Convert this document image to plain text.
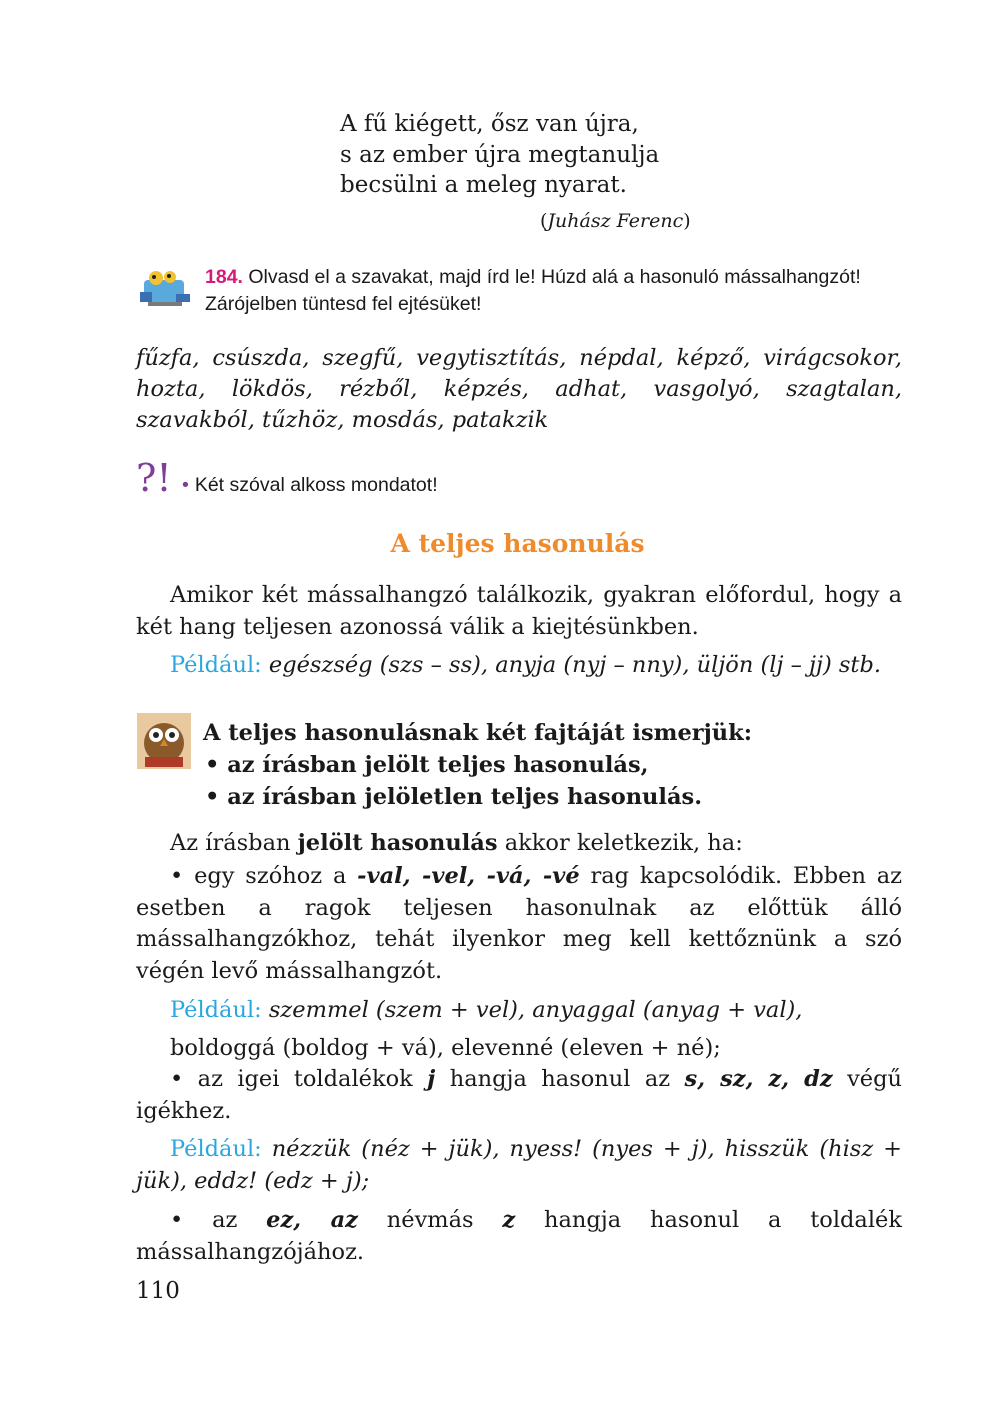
A fű kiégett, ősz van újra,
s az ember újra megtanulja
becsülni a meleg nyarat.
(Juhász Ferenc)
184. Olvasd el a szavakat, majd írd le! Húzd alá a hasonuló mássalhangzót! Zárójelben tüntesd fel ejtésüket!
fűzfa, csúszda, szegfű, vegytisztítás, népdal, képző, virágcsokor, hozta, lökdös, rézből, képzés, adhat, vasgolyó, szagtalan, szavakból, tűzhöz, mosdás, patakzik
?! • Két szóval alkoss mondatot!
A teljes hasonulás
Amikor két mássalhangzó találkozik, gyakran előfordul, hogy a két hang teljesen azonossá válik a kiejtésünkben.
Például: egészség (szs – ss), anyja (nyj – nny), üljön (lj – jj) stb.
A teljes hasonulásnak két fajtáját ismerjük:
• az írásban jelölt teljes hasonulás,
• az írásban jelöletlen teljes hasonulás.
Az írásban jelölt hasonulás akkor keletkezik, ha:
• egy szóhoz a -val, -vel, -vá, -vé rag kapcsolódik. Ebben az esetben a ragok teljesen hasonulnak az előttük álló mássalhangzókhoz, tehát ilyenkor meg kell kettőznünk a szó végén levő mássalhangzót.
Például: szemmel (szem + vel), anyaggal (anyag + val),
boldoggá (boldog + vá), elevenné (eleven + né);
• az igei toldalékok j hangja hasonul az s, sz, z, dz végű igékhez.
Például: nézzük (néz + jük), nyess! (nyes + j), hisszük (hisz + jük), eddz! (edz + j);
• az ez, az névmás z hangja hasonul a toldalék mássalhangzójához.
110
